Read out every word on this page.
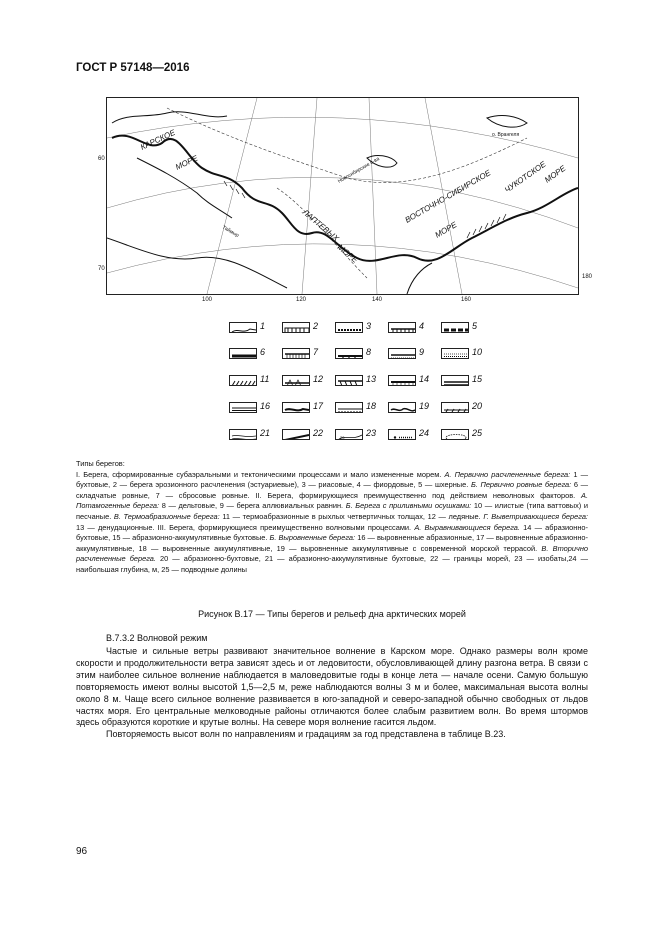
ГОСТ Р 57148—2016
КАРСКОЕ
МОРЕ
ЛАПТЕВЫХ
МОРЕ
ВОСТОЧНО-СИБИРСКОЕ
МОРЕ
ЧУКОТСКОЕ
МОРЕ
о. Врангеля
Новосибирские о-ва
Таймыр
100	120	140	160
60
70
180
1	2	3	4	5
6	7	8	9	10
11	12	13	14	15
16	17	18	19	20
21	22	20 23	24	25

Типы берегов:

I. Берега, сформированные субаэральными и тектоническими процессами и мало измененные морем. А. Первично расчлененные берега: 1 — бухтовые, 2 — берега эрозионного расчленения (эстуариевые), 3 — риасовые, 4 — фиордовые, 5 — шхерные. Б. Первично ровные берега: 6 — складчатые ровные, 7 — сбросовые ровные. II. Берега, формирующиеся преимущественно под действием неволновых факторов. А. Потамогенные берега: 8 — дельтовые, 9 — берега аллювиальных равнин. Б. Берега с приливными осушками: 10 — илистые (типа ваттовых) и песчаные. В. Термоабразионные берега: 11 — термоабразионные в рыхлых четвертичных толщах, 12 — ледяные. Г. Выветривающиеся берега: 13 — денудационные. III. Берега, формирующиеся преимущественно волновыми процессами. А. Выравнивающиеся берега. 14 — абразионно-бухтовые, 15 — абразионно-аккумулятивные бухтовые. Б. Выровненные берега: 16 — выровненные абразионные, 17 — выровненные абразионно-аккумулятивные, 18 — выровненные аккумулятивные, 19 — выровненные аккумулятивные с современной морской террасой. В. Вторично расчлененные берега. 20 — абразионно-бухтовые, 21 — абразионно-аккумулятивные бухтовые, 22 — границы морей, 23 — изобаты,24 — наибольшая глубина, м, 25 — подводные долины

Рисунок В.17 — Типы берегов и рельеф дна арктических морей
В.7.3.2 Волновой режим

Частые и сильные ветры развивают значительное волнение в Карском море. Однако размеры волн кроме скорости и продолжительности ветра зависят здесь и от ледовитости, обусловливающей длину разгона ветра. В связи с этим наиболее сильное волнение наблюдается в маловедовитые годы в конце лета — начале осени. Самую большую повторяемость имеют волны высотой 1,5—2,5 м, реже наблюдаются волны 3 м и более, максимальная высота волны около 8 м. Чаще всего сильное волнение развивается в юго-западной и северо-западной обычно свободных от льдов частях моря. Его центральные мелководные районы отличаются более слабым развитием волн. Во время штормов здесь образуются короткие и крутые волны. На севере моря волнение гасится льдом.

Повторяемость высот волн по направлениям и градациям за год представлена в таблице В.23.

96
